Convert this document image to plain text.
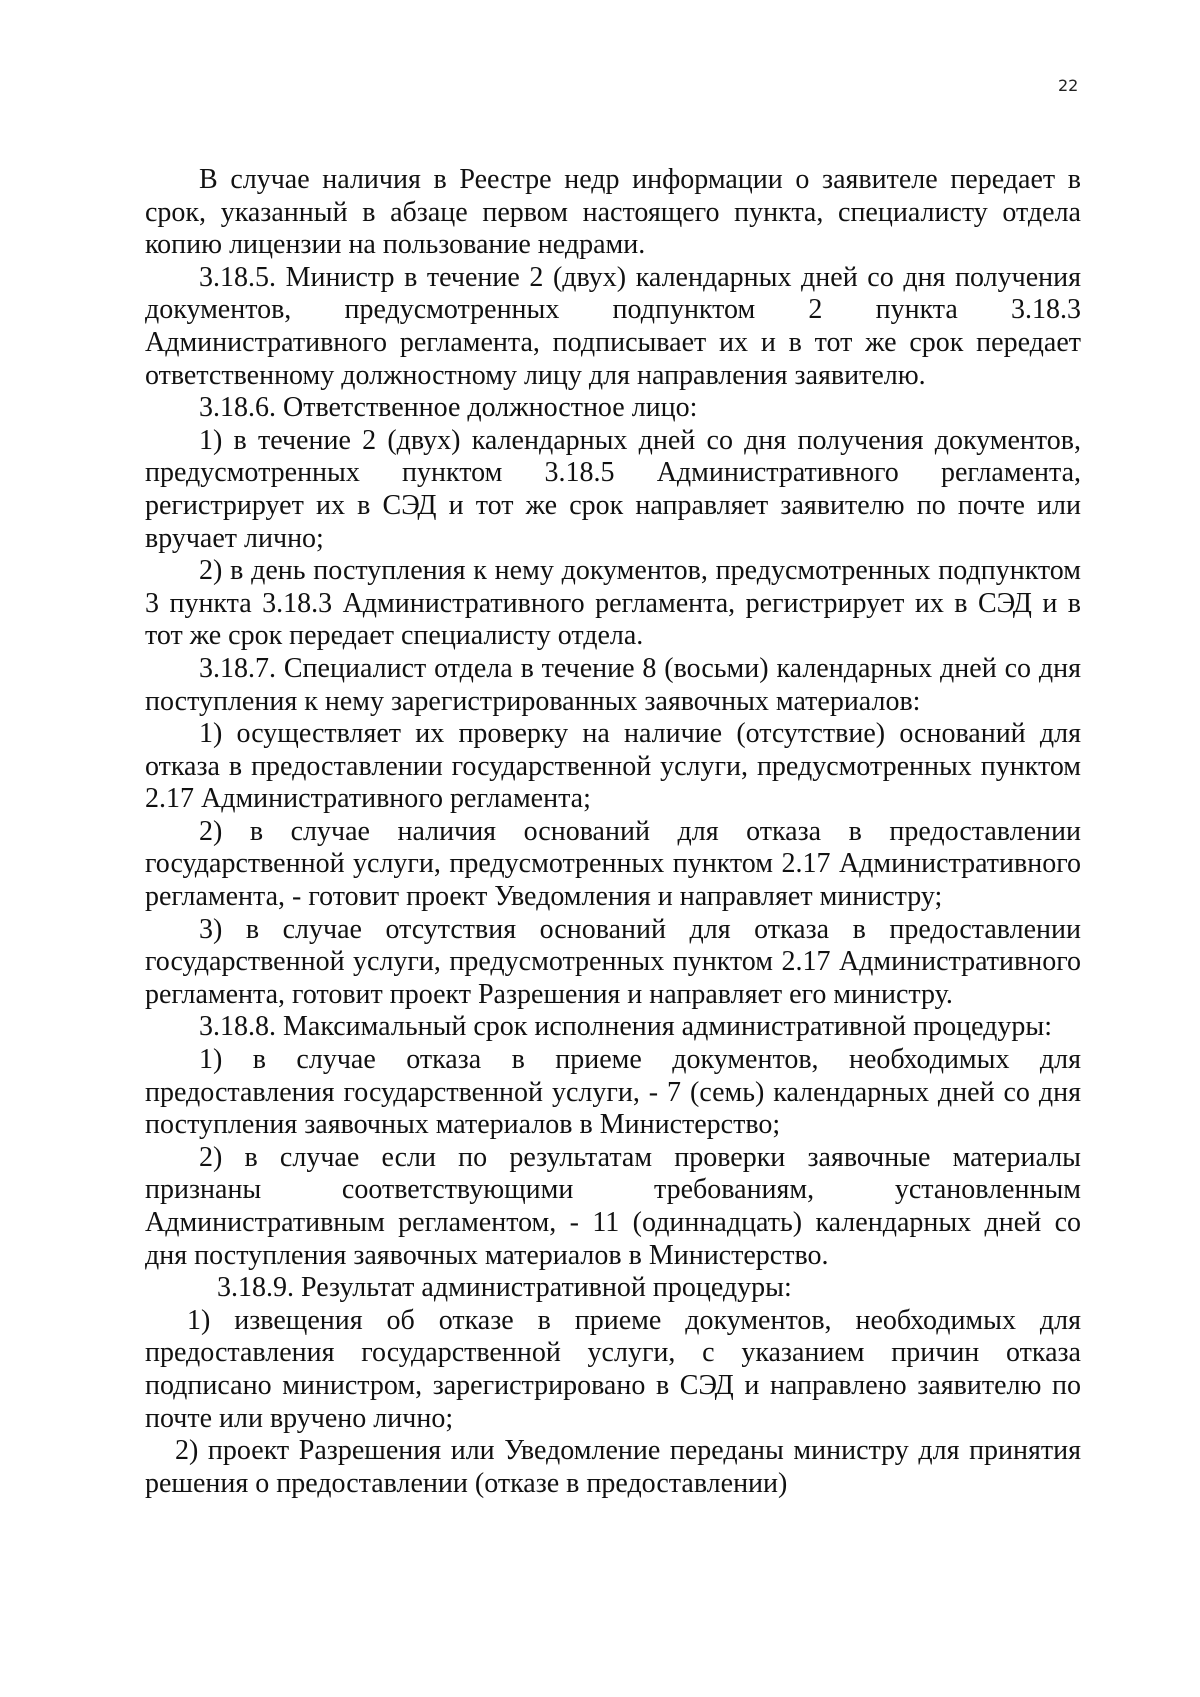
22

В случае наличия в Реестре недр информации о заявителе передает в срок, указанный в абзаце первом настоящего пункта, специалисту отдела копию лицензии на пользование недрами.

3.18.5. Министр в течение 2 (двух) календарных дней со дня получения документов, предусмотренных подпунктом 2 пункта 3.18.3 Административного регламента, подписывает их и в тот же срок передает ответственному должностному лицу для направления заявителю.

3.18.6. Ответственное должностное лицо:

1) в течение 2 (двух) календарных дней со дня получения документов, предусмотренных пунктом 3.18.5 Административного регламента, регистрирует их в СЭД и тот же срок направляет заявителю по почте или вручает лично;

2) в день поступления к нему документов, предусмотренных подпунктом 3 пункта 3.18.3 Административного регламента, регистрирует их в СЭД и в тот же срок передает специалисту отдела.

3.18.7. Специалист отдела в течение 8 (восьми) календарных дней со дня поступления к нему зарегистрированных заявочных материалов:

1) осуществляет их проверку на наличие (отсутствие) оснований для отказа в предоставлении государственной услуги, предусмотренных пунктом 2.17 Административного регламента;

2) в случае наличия оснований для отказа в предоставлении государственной услуги, предусмотренных пунктом 2.17 Административного регламента, - готовит проект Уведомления и направляет министру;

3) в случае отсутствия оснований для отказа в предоставлении государственной услуги, предусмотренных пунктом 2.17 Административного регламента, готовит проект Разрешения и направляет его министру.

3.18.8. Максимальный срок исполнения административной процедуры:

1) в случае отказа в приеме документов, необходимых для предоставления государственной услуги, - 7 (семь) календарных дней со дня поступления заявочных материалов в Министерство;

2) в случае если по результатам проверки заявочные материалы признаны соответствующими требованиям, установленным Административным регламентом, - 11 (одиннадцать) календарных дней со дня поступления заявочных материалов в Министерство.

3.18.9. Результат административной процедуры:

1) извещения об отказе в приеме документов, необходимых для предоставления государственной услуги, с указанием причин отказа подписано министром, зарегистрировано в СЭД и направлено заявителю по почте или вручено лично;

2) проект Разрешения или Уведомление переданы министру для принятия решения о предоставлении (отказе в предоставлении)
